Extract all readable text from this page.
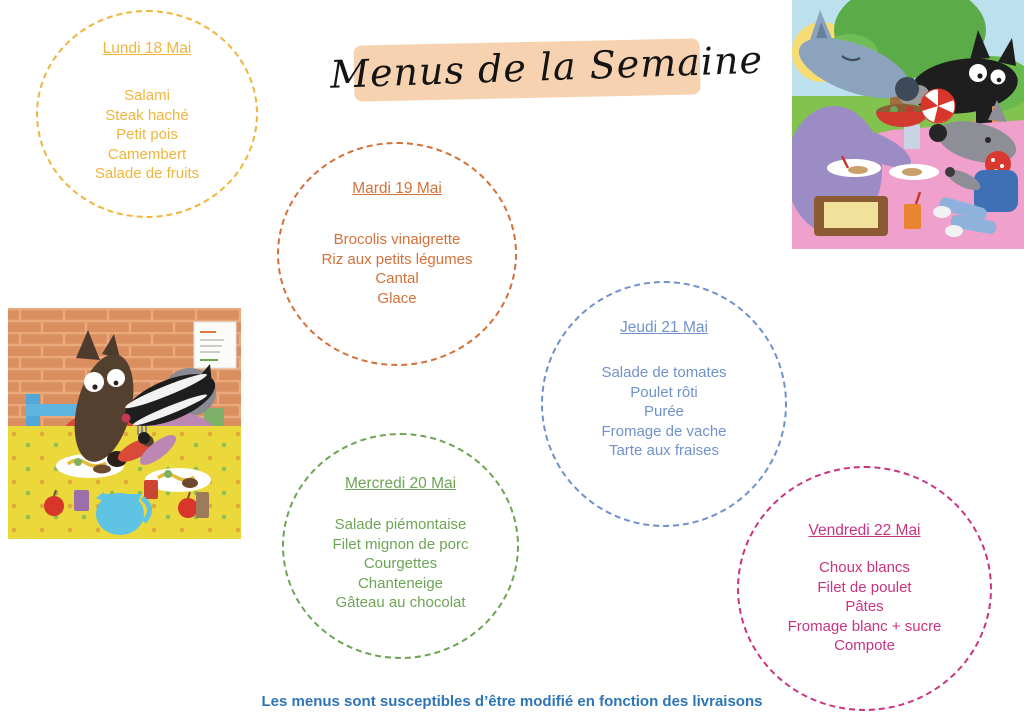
Menus de la Semaine
Lundi 18 Mai
Salami
Steak haché
Petit pois
Camembert
Salade de fruits
Mardi 19 Mai
Brocolis vinaigrette
Riz aux petits légumes
Cantal
Glace
Mercredi 20 Mai
Salade piémontaise
Filet mignon de porc
Courgettes
Chanteneige
Gâteau au chocolat
Jeudi 21 Mai
Salade de tomates
Poulet rôti
Purée
Fromage de vache
Tarte aux fraises
Vendredi 22 Mai
Choux blancs
Filet de poulet
Pâtes
Fromage blanc + sucre
Compote
Les menus sont susceptibles d’être modifié en fonction des livraisons
